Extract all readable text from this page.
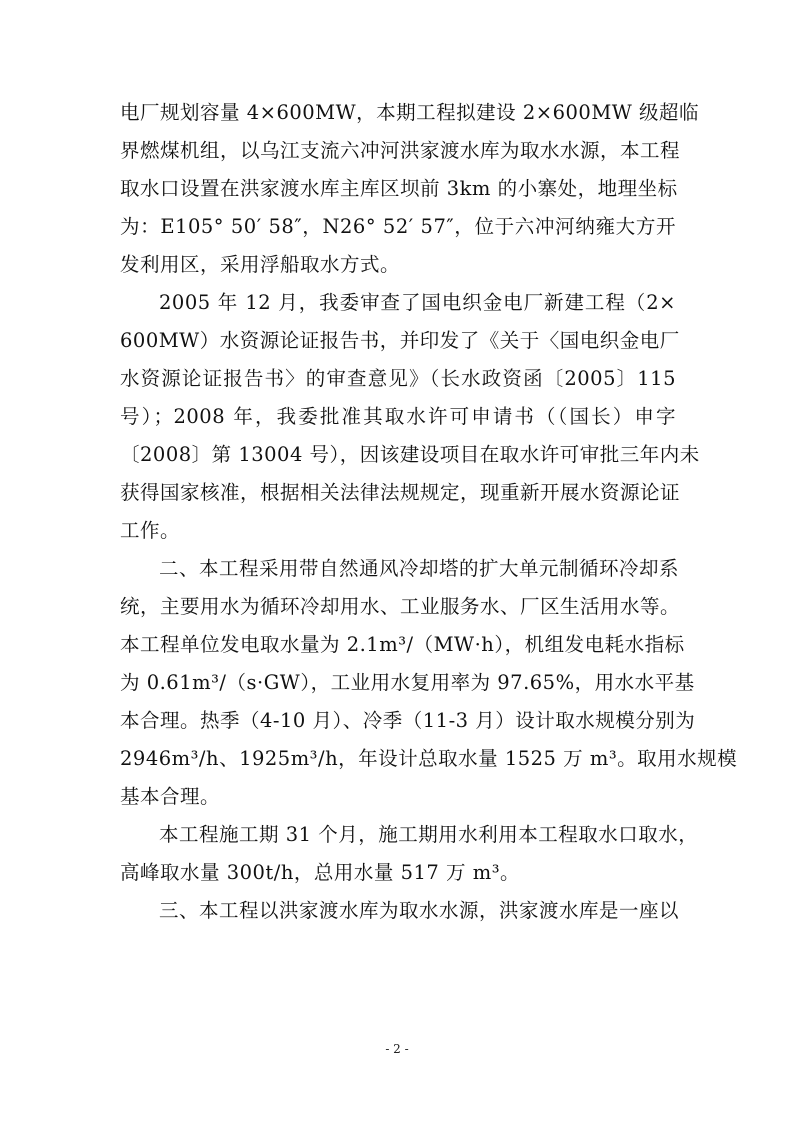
电厂规划容量 4×600MW，本期工程拟建设 2×600MW 级超临
界燃煤机组，以乌江支流六冲河洪家渡水库为取水水源，本工程
取水口设置在洪家渡水库主库区坝前 3km 的小寨处，地理坐标
为：E105° 50′ 58″，N26° 52′ 57″，位于六冲河纳雍大方开
发利用区，采用浮船取水方式。
2005 年 12 月，我委审查了国电织金电厂新建工程（2×
600MW）水资源论证报告书，并印发了《关于〈国电织金电厂
水资源论证报告书〉的审查意见》（长水政资函〔2005〕115
号）；2008 年，我委批准其取水许可申请书（（国长）申字
〔2008〕第 13004 号），因该建设项目在取水许可审批三年内未
获得国家核准，根据相关法律法规规定，现重新开展水资源论证
工作。
二、本工程采用带自然通风冷却塔的扩大单元制循环冷却系
统，主要用水为循环冷却用水、工业服务水、厂区生活用水等。
本工程单位发电取水量为 2.1m³/（MW·h），机组发电耗水指标
为 0.61m³/（s·GW），工业用水复用率为 97.65%，用水水平基
本合理。热季（4-10 月）、冷季（11-3 月）设计取水规模分别为
2946m³/h、1925m³/h，年设计总取水量 1525 万 m³。取用水规模
基本合理。
本工程施工期 31 个月，施工期用水利用本工程取水口取水，
高峰取水量 300t/h，总用水量 517 万 m³。
三、本工程以洪家渡水库为取水水源，洪家渡水库是一座以
- 2 -
